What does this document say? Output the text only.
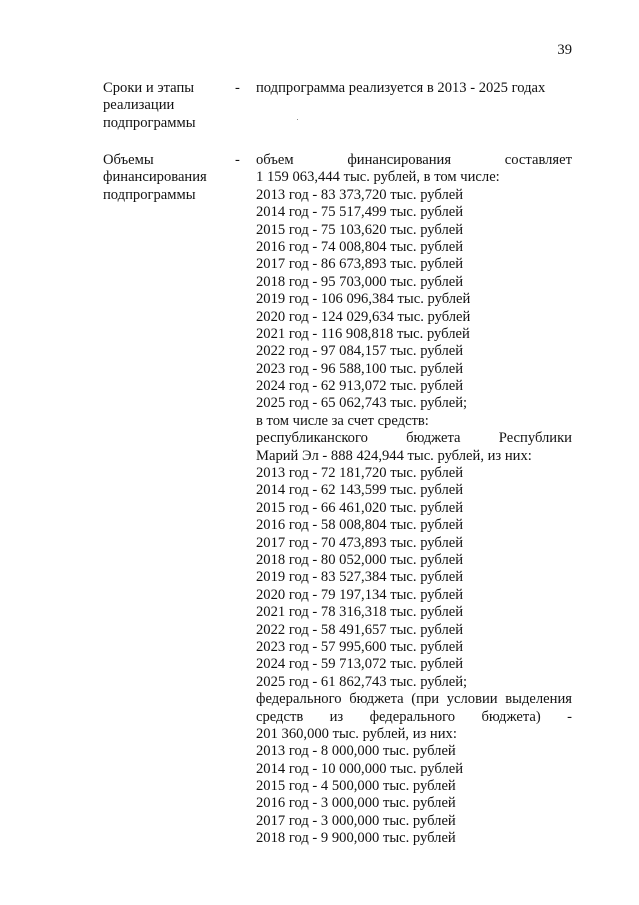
39
Сроки и этапы
реализации
подпрограммы
- подпрограмма реализуется в 2013 - 2025 годах
Объемы
финансирования
подпрограммы
- объем	финансирования	составляет
1 159 063,444 тыс. рублей, в том числе:
2013 год - 83 373,720 тыс. рублей
2014 год - 75 517,499 тыс. рублей
2015 год - 75 103,620 тыс. рублей
2016 год - 74 008,804 тыс. рублей
2017 год - 86 673,893 тыс. рублей
2018 год - 95 703,000 тыс. рублей
2019 год - 106 096,384 тыс. рублей
2020 год - 124 029,634 тыс. рублей
2021 год - 116 908,818 тыс. рублей
2022 год - 97 084,157 тыс. рублей
2023 год - 96 588,100 тыс. рублей
2024 год - 62 913,072 тыс. рублей
2025 год - 65 062,743 тыс. рублей;
в том числе за счет средств:
республиканского	бюджета	Республики
Марий Эл - 888 424,944 тыс. рублей, из них:
2013 год - 72 181,720 тыс. рублей
2014 год - 62 143,599 тыс. рублей
2015 год - 66 461,020 тыс. рублей
2016 год - 58 008,804 тыс. рублей
2017 год - 70 473,893 тыс. рублей
2018 год - 80 052,000 тыс. рублей
2019 год - 83 527,384 тыс. рублей
2020 год - 79 197,134 тыс. рублей
2021 год - 78 316,318 тыс. рублей
2022 год - 58 491,657 тыс. рублей
2023 год - 57 995,600 тыс. рублей
2024 год - 59 713,072 тыс. рублей
2025 год - 61 862,743 тыс. рублей;
федерального бюджета (при условии выделения
средств из федерального бюджета) -
201 360,000 тыс. рублей, из них:
2013 год - 8 000,000 тыс. рублей
2014 год - 10 000,000 тыс. рублей
2015 год - 4 500,000 тыс. рублей
2016 год - 3 000,000 тыс. рублей
2017 год - 3 000,000 тыс. рублей
2018 год - 9 900,000 тыс. рублей
